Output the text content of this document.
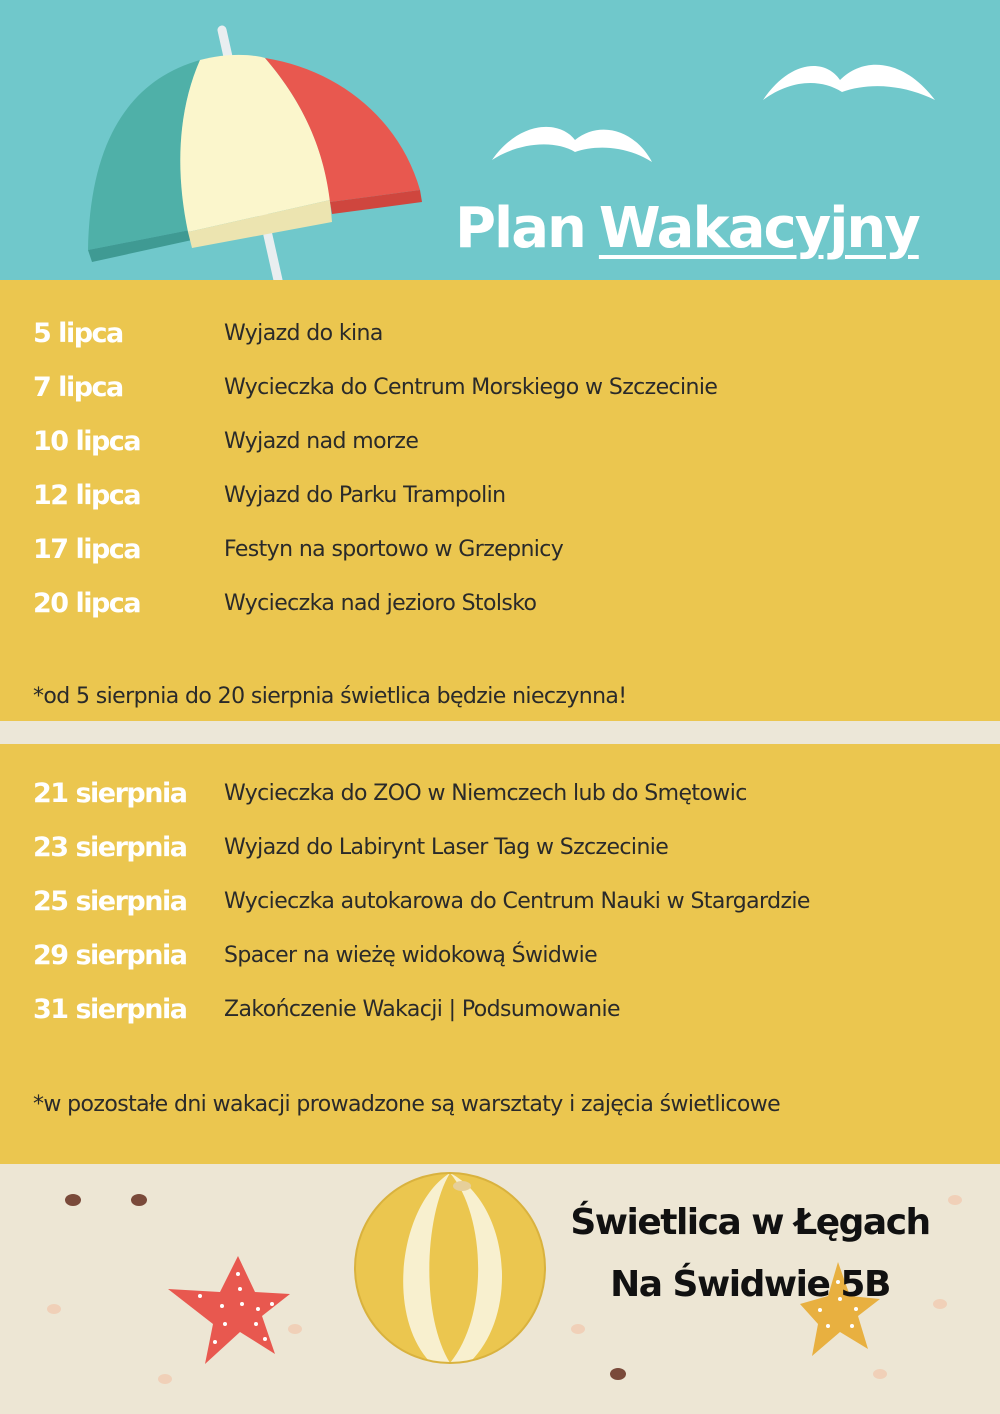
Plan Wakacyjny
5 lipca	Wyjazd do kina
7 lipca	Wycieczka do Centrum Morskiego w Szczecinie
10 lipca	Wyjazd nad morze
12 lipca	Wyjazd do Parku Trampolin
17 lipca	Festyn na sportowo w Grzepnicy
20 lipca	Wycieczka nad jezioro Stolsko
*od 5 sierpnia do 20 sierpnia świetlica będzie nieczynna!
21 sierpnia Wycieczka do ZOO w Niemczech lub do Smętowic
23 sierpnia Wyjazd do Labirynt Laser Tag w Szczecinie
25 sierpnia Wycieczka autokarowa do Centrum Nauki w Stargardzie
29 sierpnia Spacer na wieżę widokową Świdwie
31 sierpnia Zakończenie Wakacji | Podsumowanie
*w pozostałe dni wakacji prowadzone są warsztaty i zajęcia świetlicowe
Świetlica w Łęgach
Na Świdwie 5B
